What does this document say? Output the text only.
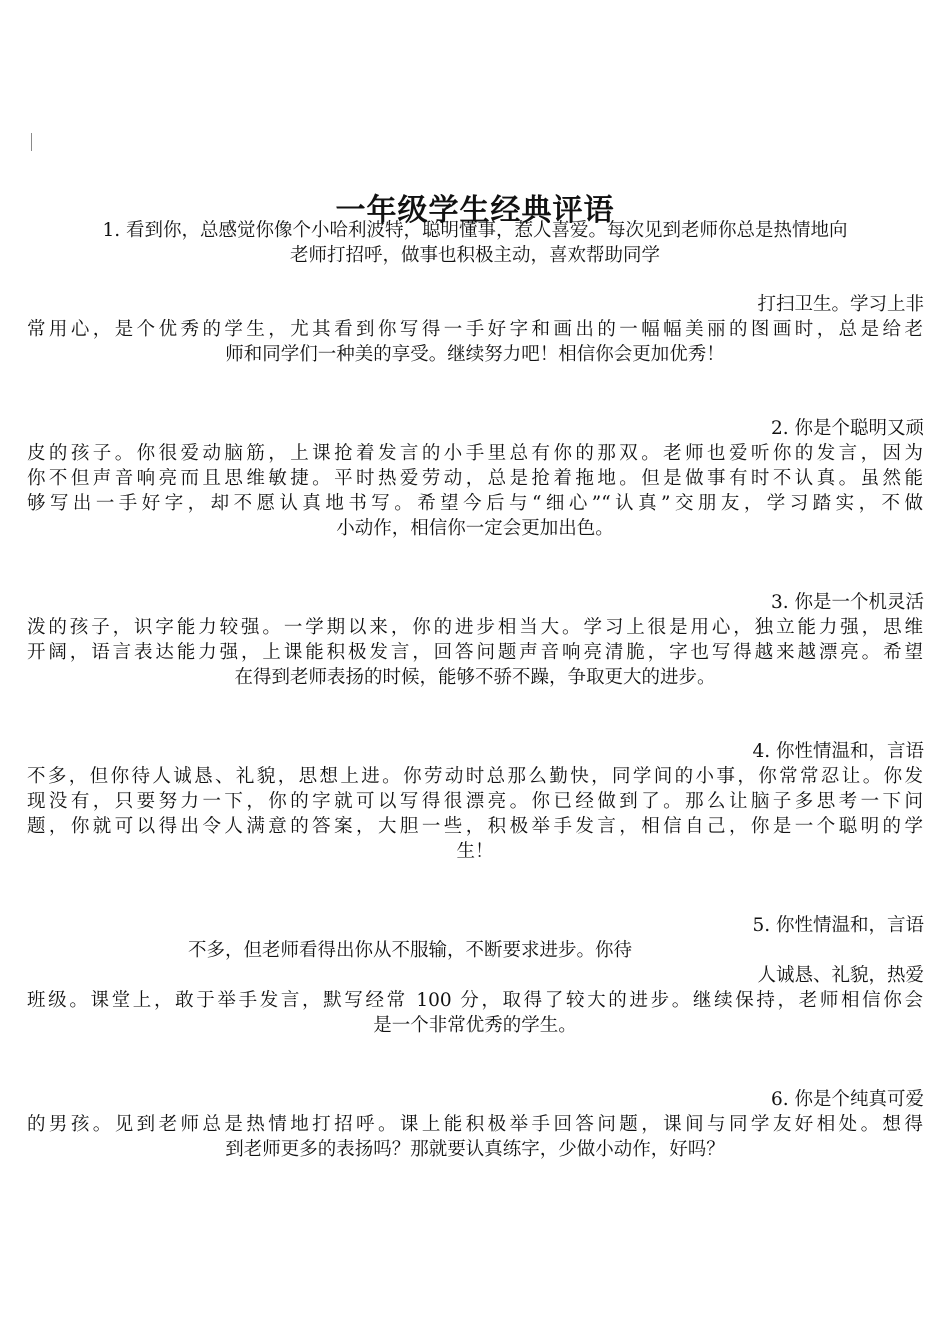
一年级学生经典评语
1. 看到你，总感觉你像个小哈利波特，聪明懂事，惹人喜爱。每次见到老师你总是热情地向
老师打招呼，做事也积极主动，喜欢帮助同学
打扫卫生。学习上非
常用心，是个优秀的学生，尤其看到你写得一手好字和画出的一幅幅美丽的图画时，总是给老
师和同学们一种美的享受。继续努力吧！相信你会更加优秀！
2. 你是个聪明又顽
皮的孩子。你很爱动脑筋，上课抢着发言的小手里总有你的那双。老师也爱听你的发言，因为
你不但声音响亮而且思维敏捷。平时热爱劳动，总是抢着拖地。但是做事有时不认真。虽然能
够写出一手好字，却不愿认真地书写。希望今后与“细心”“认真”交朋友，学习踏实，不做
小动作，相信你一定会更加出色。
3. 你是一个机灵活
泼的孩子，识字能力较强。一学期以来，你的进步相当大。学习上很是用心，独立能力强，思维
开阔，语言表达能力强，上课能积极发言，回答问题声音响亮清脆，字也写得越来越漂亮。希望
在得到老师表扬的时候，能够不骄不躁，争取更大的进步。
4. 你性情温和，言语
不多，但你待人诚恳、礼貌，思想上进。你劳动时总那么勤快，同学间的小事，你常常忍让。你发
现没有，只要努力一下，你的字就可以写得很漂亮。你已经做到了。那么让脑子多思考一下问
题，你就可以得出令人满意的答案，大胆一些，积极举手发言，相信自己，你是一个聪明的学
生！
5. 你性情温和，言语
不多，但老师看得出你从不服输，不断要求进步。你待
人诚恳、礼貌，热爱
班级。课堂上，敢于举手发言，默写经常 100 分，取得了较大的进步。继续保持，老师相信你会
是一个非常优秀的学生。
6. 你是个纯真可爱
的男孩。见到老师总是热情地打招呼。课上能积极举手回答问题，课间与同学友好相处。想得
到老师更多的表扬吗？那就要认真练字，少做小动作，好吗？
